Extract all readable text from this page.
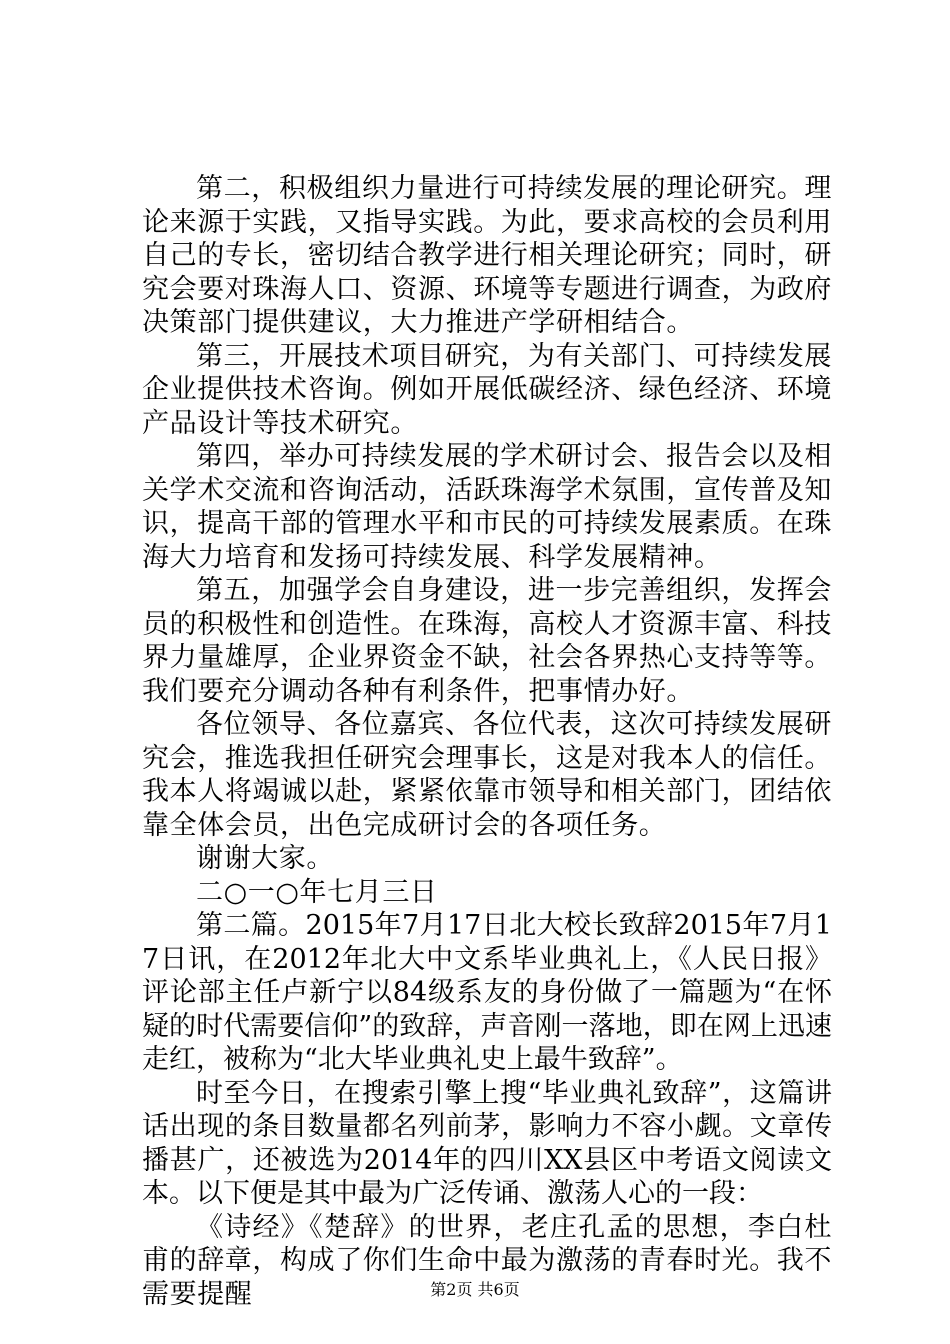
第二，积极组织力量进行可持续发展的理论研究。理论来源于实践，又指导实践。为此，要求高校的会员利用自己的专长，密切结合教学进行相关理论研究；同时，研究会要对珠海人口、资源、环境等专题进行调查，为政府决策部门提供建议，大力推进产学研相结合。

第三，开展技术项目研究，为有关部门、可持续发展企业提供技术咨询。例如开展低碳经济、绿色经济、环境产品设计等技术研究。

第四，举办可持续发展的学术研讨会、报告会以及相关学术交流和咨询活动，活跃珠海学术氛围，宣传普及知识，提高干部的管理水平和市民的可持续发展素质。在珠海大力培育和发扬可持续发展、科学发展精神。

第五，加强学会自身建设，进一步完善组织，发挥会员的积极性和创造性。在珠海，高校人才资源丰富、科技界力量雄厚，企业界资金不缺，社会各界热心支持等等。我们要充分调动各种有利条件，把事情办好。

各位领导、各位嘉宾、各位代表，这次可持续发展研究会，推选我担任研究会理事长，这是对我本人的信任。我本人将竭诚以赴，紧紧依靠市领导和相关部门，团结依靠全体会员，出色完成研讨会的各项任务。

谢谢大家。

二○一○年七月三日

第二篇。2015年7月17日北大校长致辞2015年7月17日讯，在2012年北大中文系毕业典礼上，《人民日报》评论部主任卢新宁以84级系友的身份做了一篇题为“在怀疑的时代需要信仰”的致辞，声音刚一落地，即在网上迅速走红，被称为“北大毕业典礼史上最牛致辞”。

时至今日，在搜索引擎上搜“毕业典礼致辞”，这篇讲话出现的条目数量都名列前茅，影响力不容小觑。文章传播甚广，还被选为2014年的四川XX县区中考语文阅读文本。以下便是其中最为广泛传诵、激荡人心的一段：

《诗经》《楚辞》的世界，老庄孔孟的思想，李白杜甫的辞章，构成了你们生命中最为激荡的青春时光。我不需要提醒	第2页 共6页
